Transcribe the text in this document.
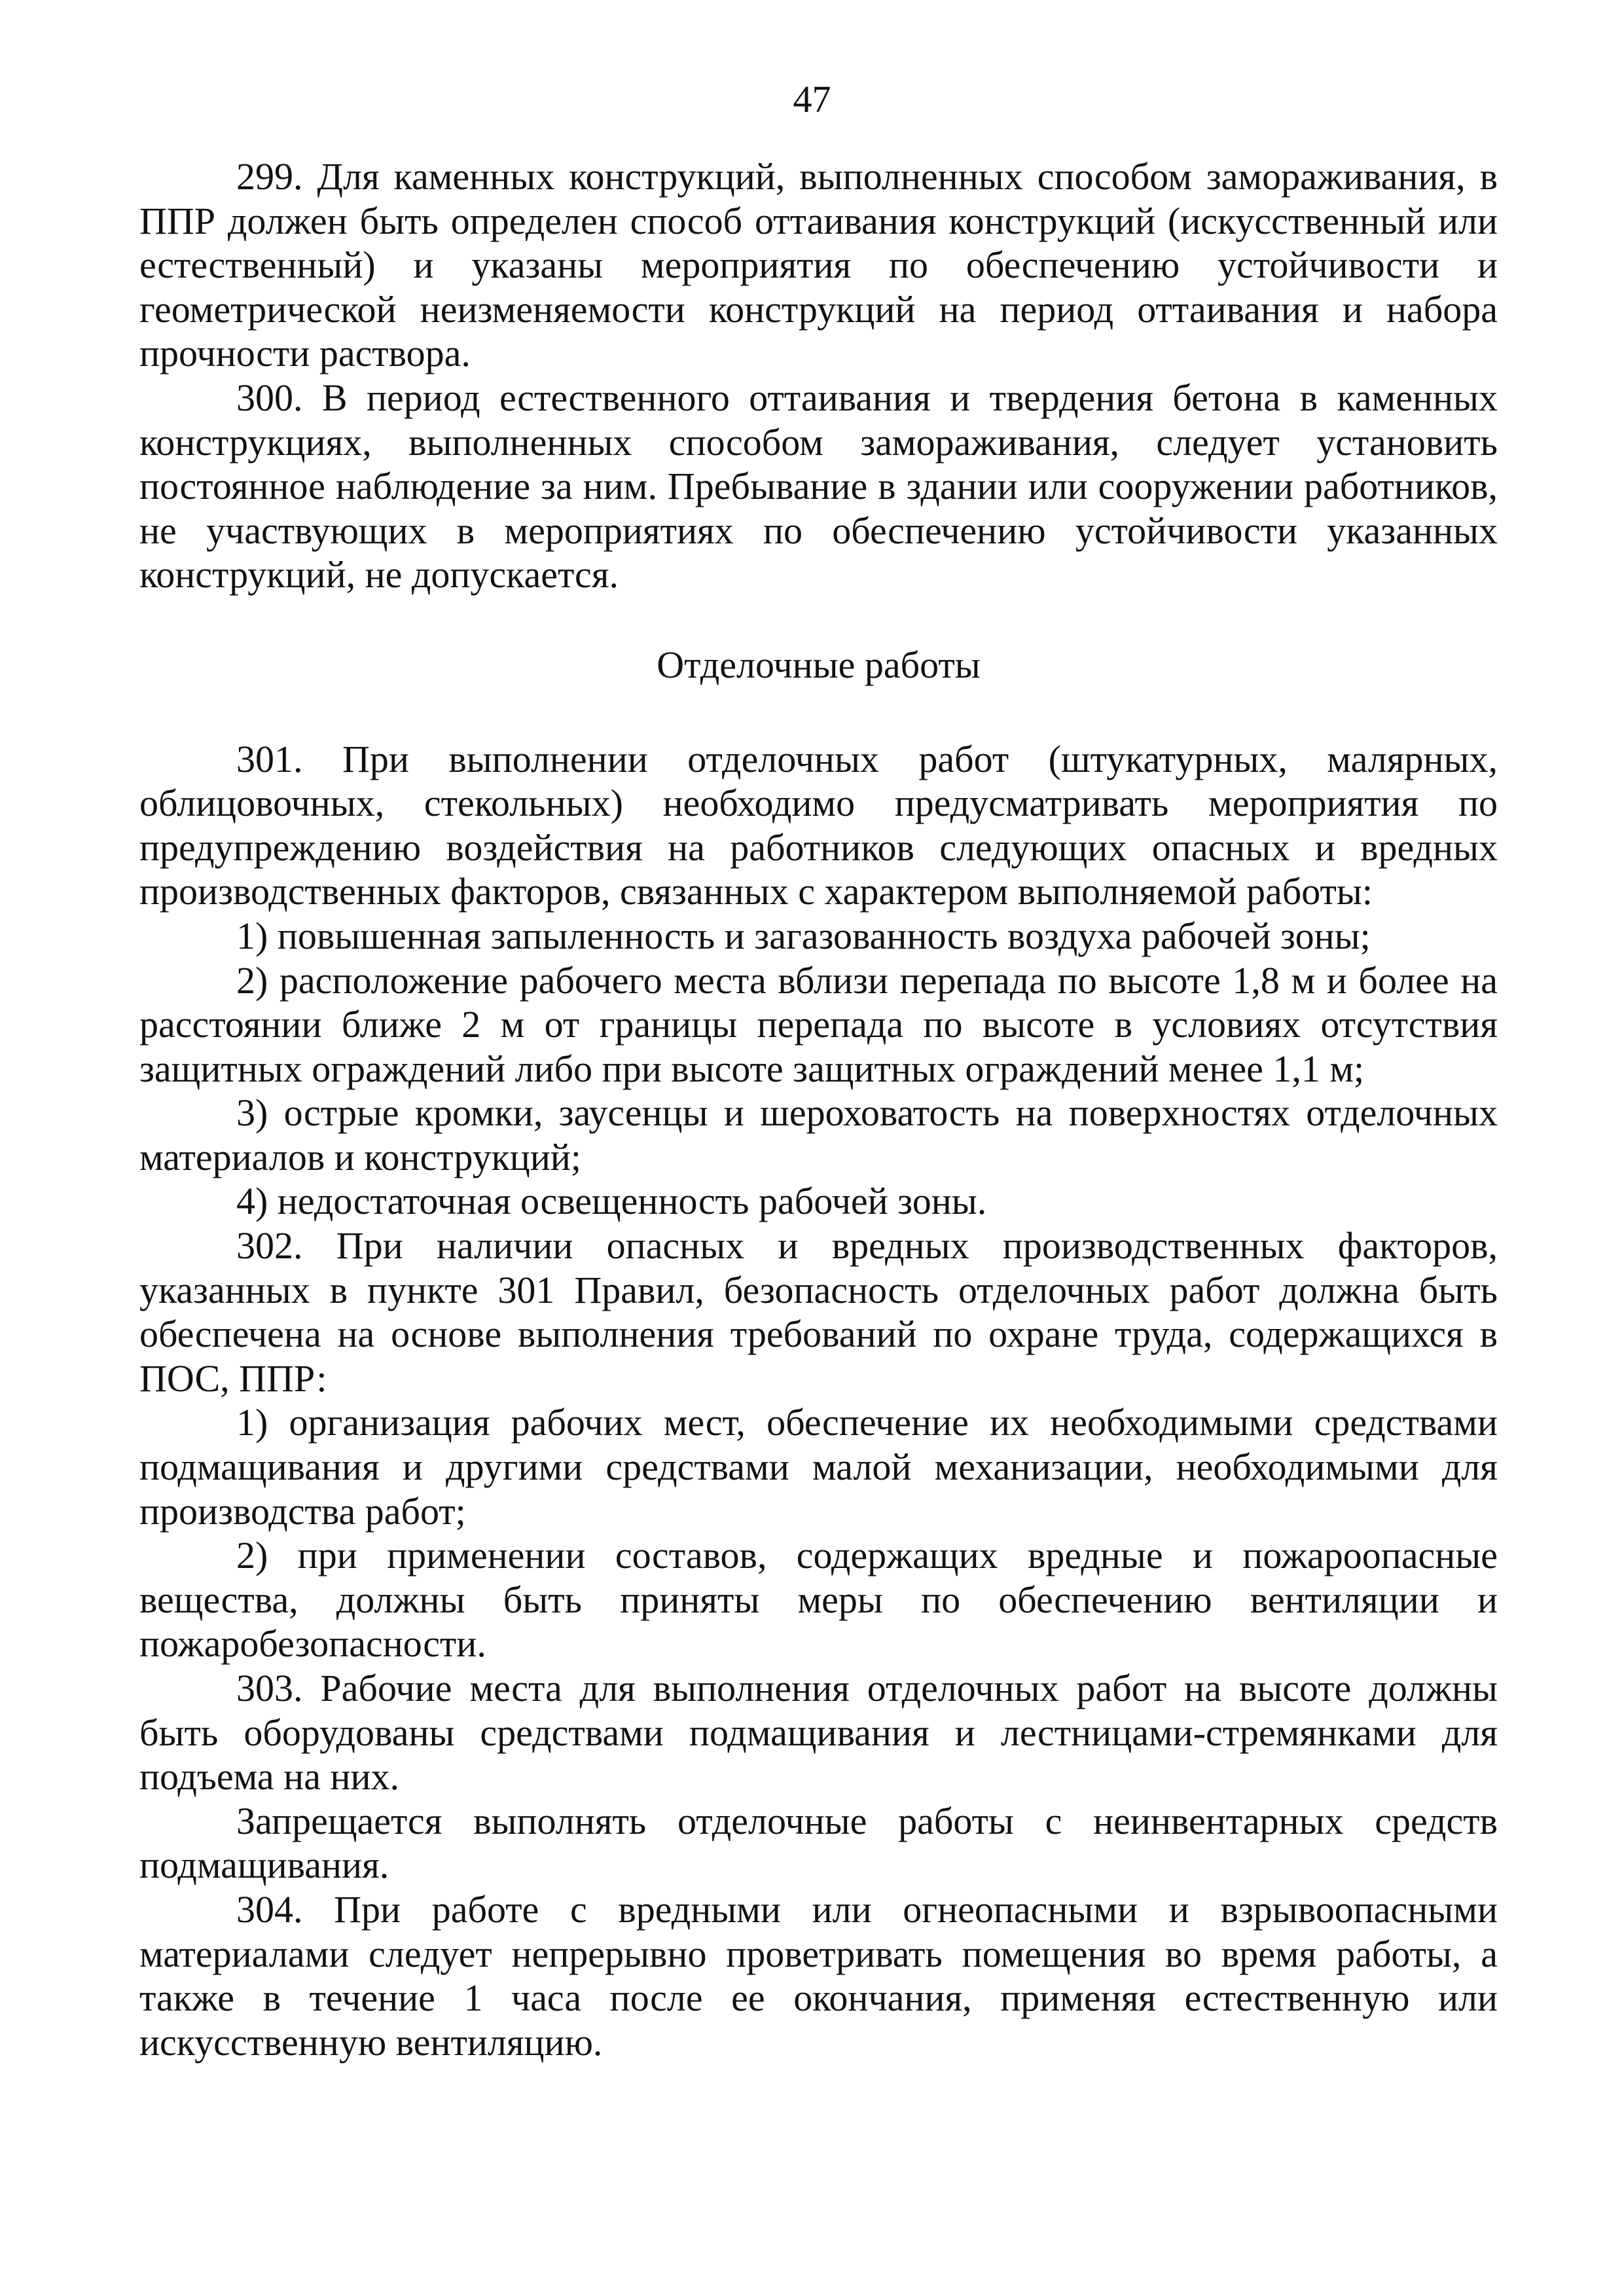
47

299. Для каменных конструкций, выполненных способом замораживания, в ППР должен быть определен способ оттаивания конструкций (искусственный или естественный) и указаны мероприятия по обеспечению устойчивости и геометрической неизменяемости конструкций на период оттаивания и набора прочности раствора.

300. В период естественного оттаивания и твердения бетона в каменных конструкциях, выполненных способом замораживания, следует установить постоянное наблюдение за ним. Пребывание в здании или сооружении работников, не участвующих в мероприятиях по обеспечению устойчивости указанных конструкций, не допускается.

Отделочные работы

301. При выполнении отделочных работ (штукатурных, малярных, облицовочных, стекольных) необходимо предусматривать мероприятия по предупреждению воздействия на работников следующих опасных и вредных производственных факторов, связанных с характером выполняемой работы:

1) повышенная запыленность и загазованность воздуха рабочей зоны;

2) расположение рабочего места вблизи перепада по высоте 1,8 м и более на расстоянии ближе 2 м от границы перепада по высоте в условиях отсутствия защитных ограждений либо при высоте защитных ограждений менее 1,1 м;

3) острые кромки, заусенцы и шероховатость на поверхностях отделочных материалов и конструкций;

4) недостаточная освещенность рабочей зоны.

302. При наличии опасных и вредных производственных факторов, указанных в пункте 301 Правил, безопасность отделочных работ должна быть обеспечена на основе выполнения требований по охране труда, содержащихся в ПОС, ППР:

1) организация рабочих мест, обеспечение их необходимыми средствами подмащивания и другими средствами малой механизации, необходимыми для производства работ;

2) при применении составов, содержащих вредные и пожароопасные вещества, должны быть приняты меры по обеспечению вентиляции и пожаробезопасности.

303. Рабочие места для выполнения отделочных работ на высоте должны быть оборудованы средствами подмащивания и лестницами-стремянками для подъема на них.

Запрещается выполнять отделочные работы с неинвентарных средств подмащивания.

304. При работе с вредными или огнеопасными и взрывоопасными материалами следует непрерывно проветривать помещения во время работы, а также в течение 1 часа после ее окончания, применяя естественную или искусственную вентиляцию.
